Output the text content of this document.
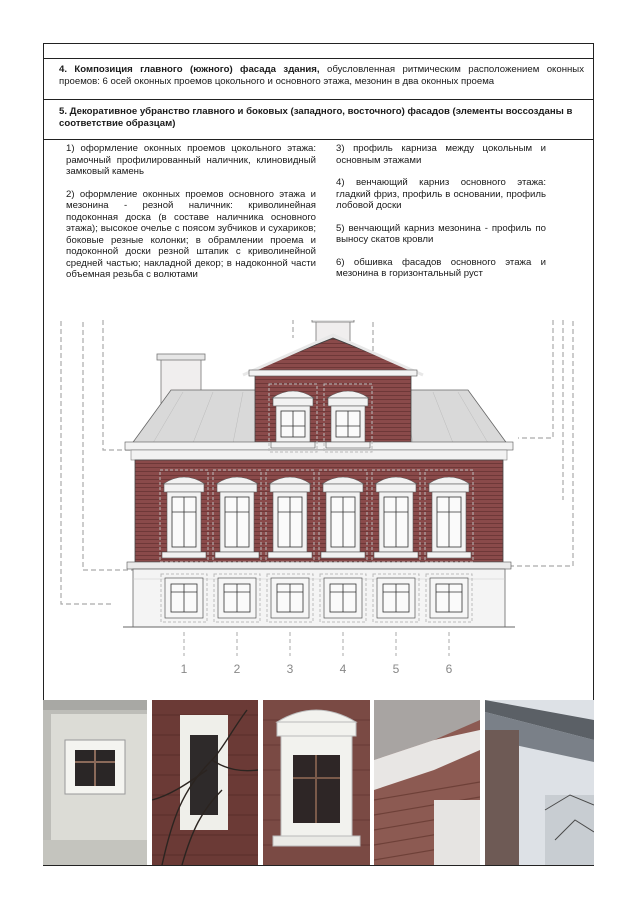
4. Композиция главного (южного) фасада здания, обусловленная ритмическим расположением оконных проемов: 6 осей оконных проемов цокольного и основного этажа, мезонин в два оконных проема
5. Декоративное убранство главного и боковых (западного, восточного) фасадов (элементы воссозданы в соответствие образцам)

1) оформление оконных проемов цокольного этажа: рамочный профилированный наличник, клиновидный замковый камень

2) оформление оконных проемов основного этажа и мезонина - резной наличник: криволинейная подоконная доска (в составе наличника основного этажа); высокое очелье с поясом зубчиков и сухариков; боковые резные колонки; в обрамлении проема и подоконной доски резной штапик с криволинейной средней частью; накладной декор; в надоконной части объемная резьба с волютами

3) профиль карниза между цокольным и основным этажами

4) венчающий карниз основного этажа: гладкий фриз, профиль в основании, профиль лобовой доски

5) венчающий карниз мезонина - профиль по выносу скатов кровли

6) обшивка фасадов основного этажа и мезонина в горизонтальный руст

1	2	3	4	5	6
